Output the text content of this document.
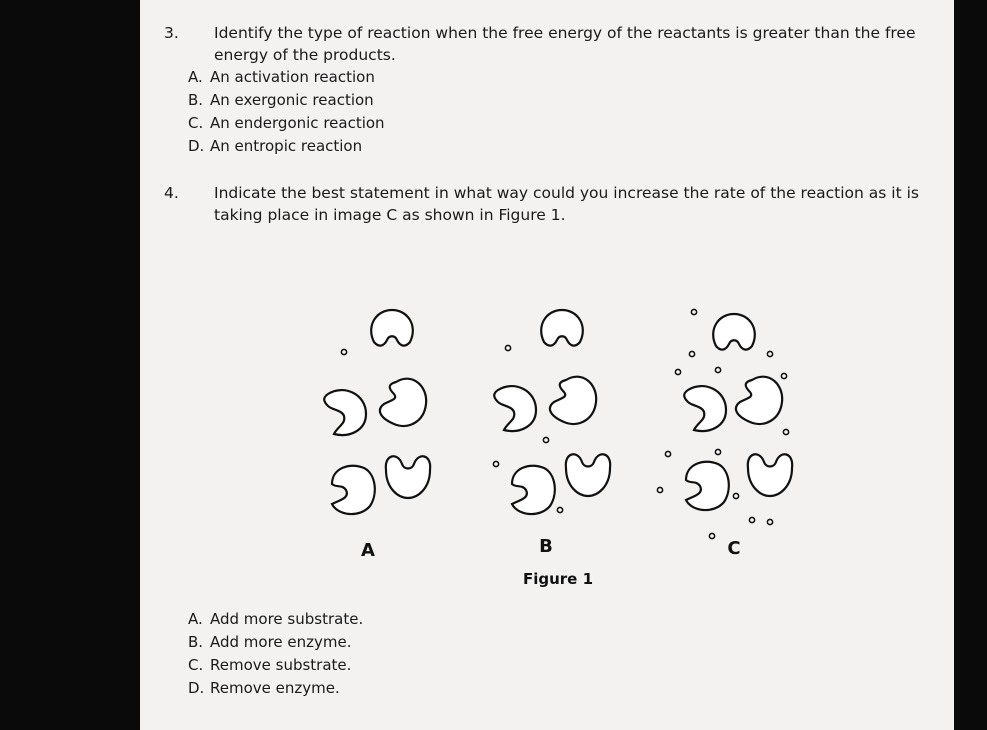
3. Identify the type of reaction when the free energy of the reactants is greater than the free energy of the products.
A. An activation reaction
B. An exergonic reaction
C. An endergonic reaction
D. An entropic reaction
4. Indicate the best statement in what way could you increase the rate of the reaction as it is taking place in image C as shown in Figure 1.
A	B	C
Figure 1
A. Add more substrate.
B. Add more enzyme.
C. Remove substrate.
D. Remove enzyme.
